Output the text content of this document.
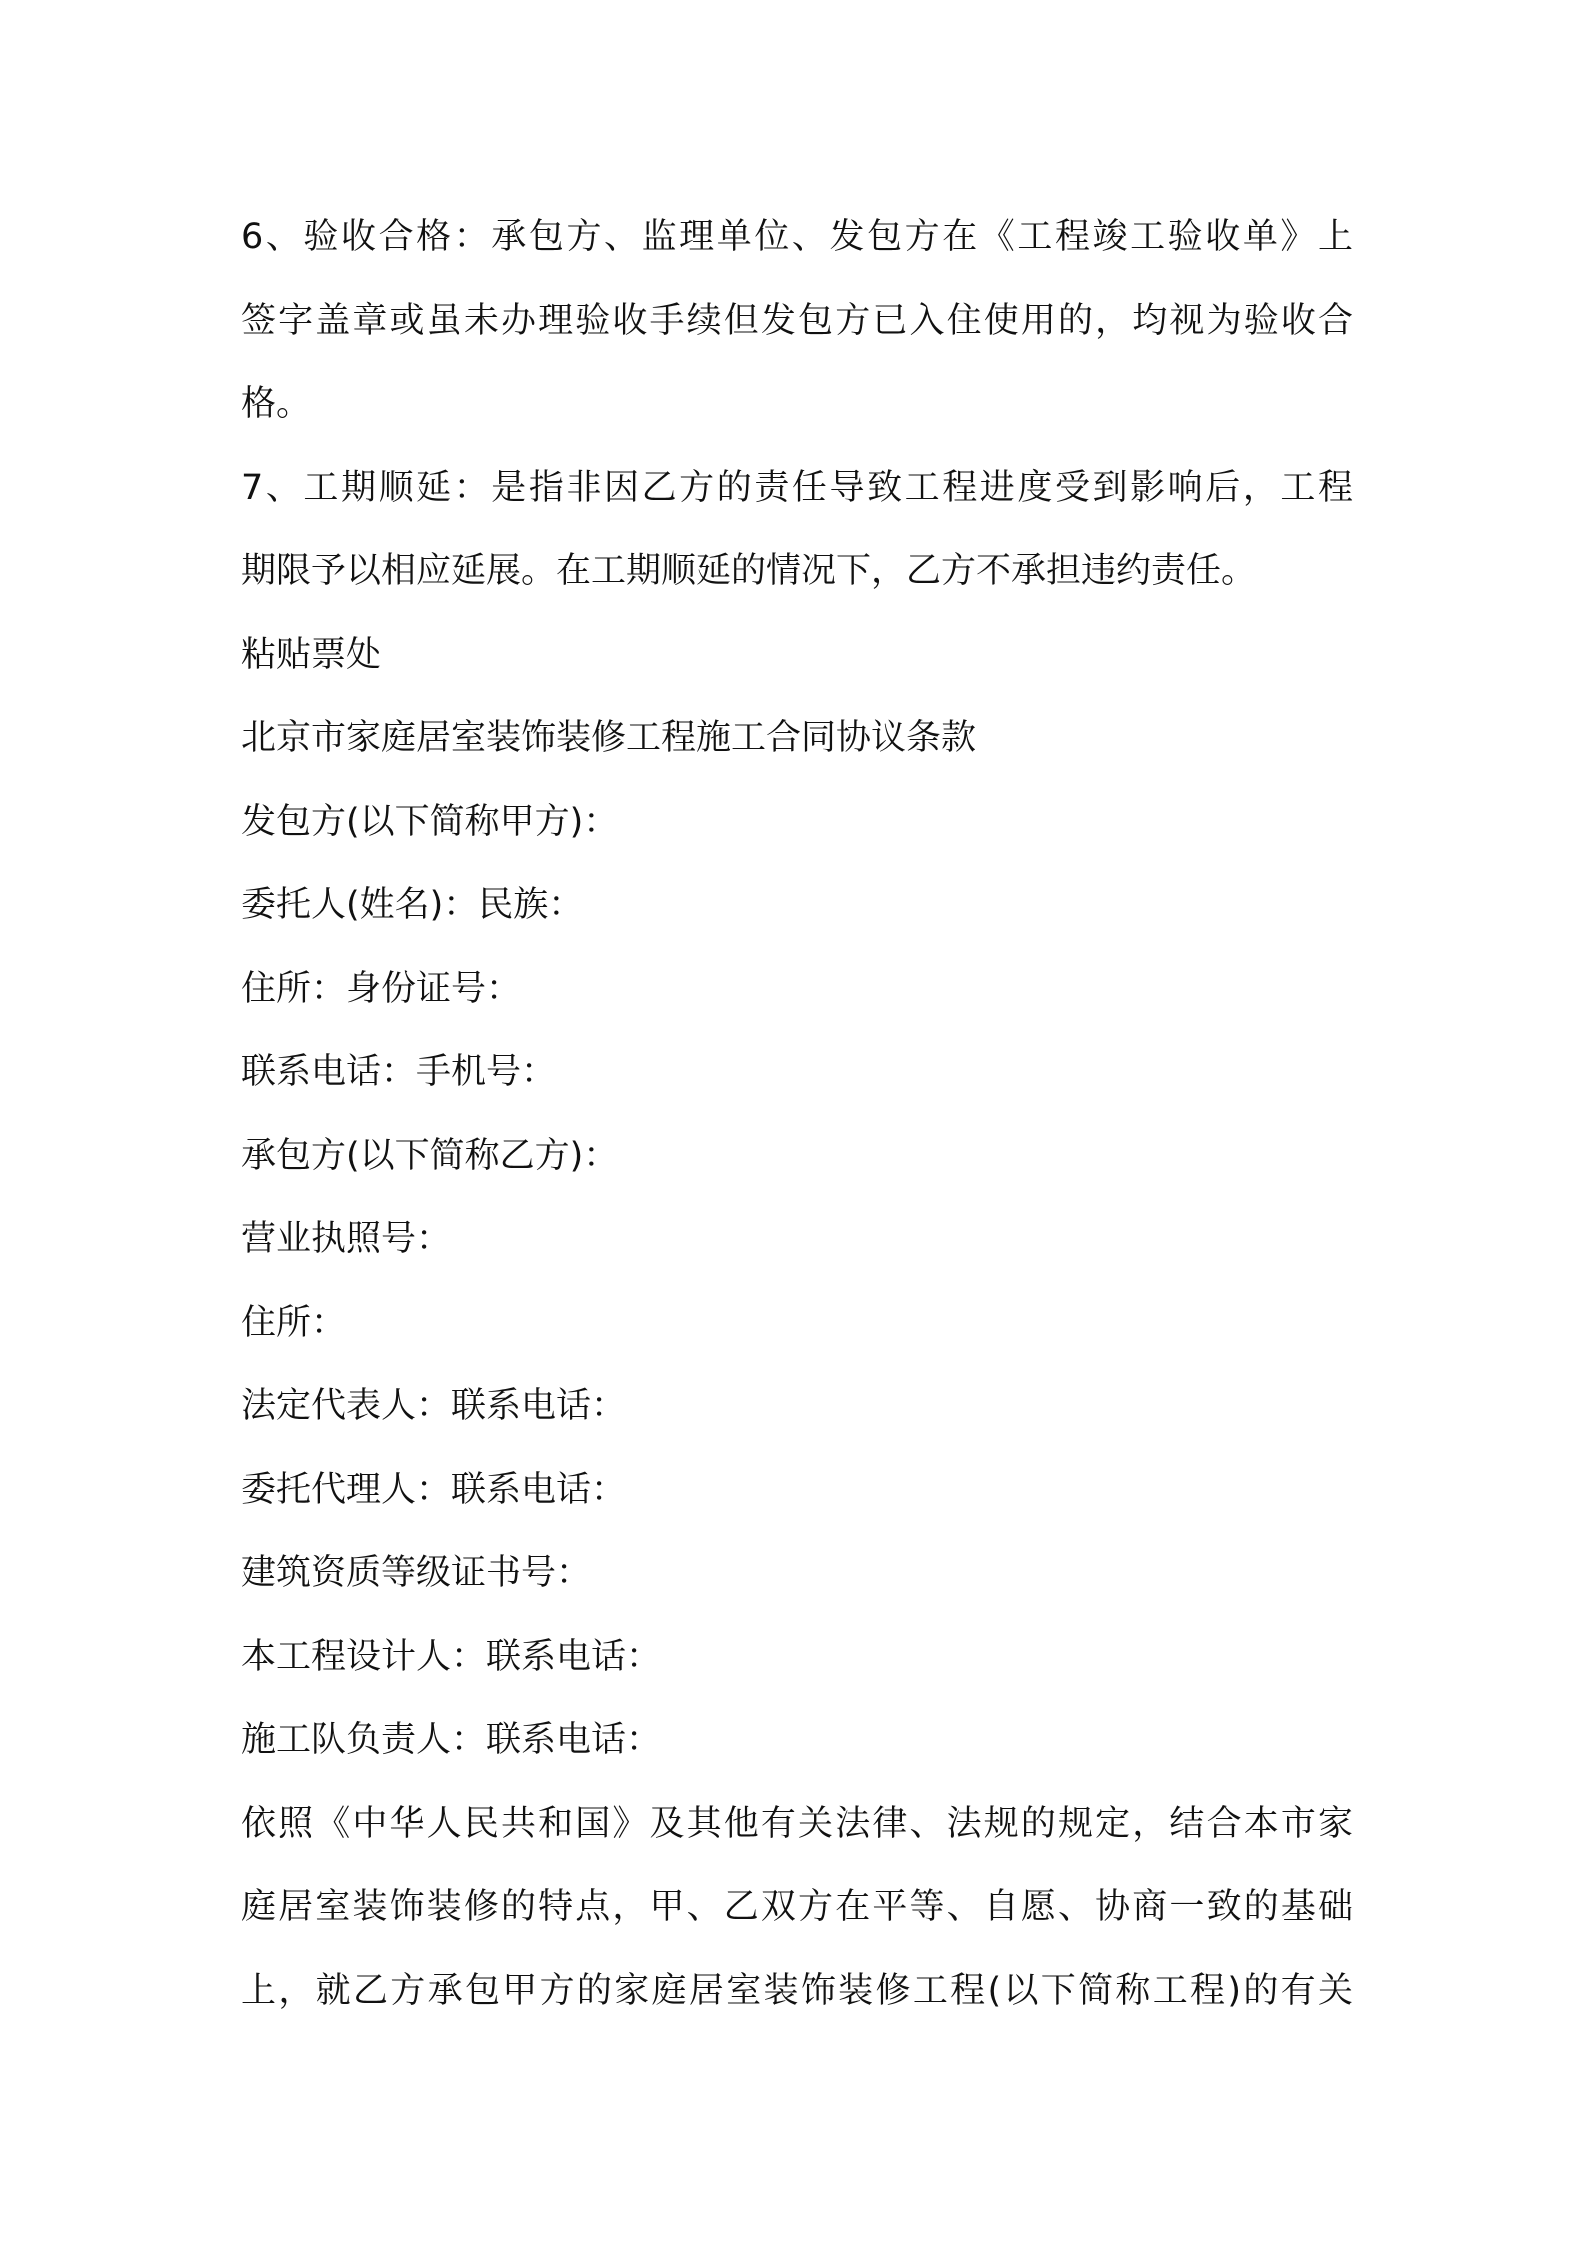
6、验收合格：承包方、监理单位、发包方在《工程竣工验收单》上
签字盖章或虽未办理验收手续但发包方已入住使用的，均视为验收合
格。
7、工期顺延：是指非因乙方的责任导致工程进度受到影响后，工程
期限予以相应延展。在工期顺延的情况下，乙方不承担违约责任。
粘贴票处
北京市家庭居室装饰装修工程施工合同协议条款
发包方(以下简称甲方)：
委托人(姓名)：民族：
住所：身份证号：
联系电话：手机号：
承包方(以下简称乙方)：
营业执照号：
住所：
法定代表人：联系电话：
委托代理人：联系电话：
建筑资质等级证书号：
本工程设计人：联系电话：
施工队负责人：联系电话：
依照《中华人民共和国》及其他有关法律、法规的规定，结合本市家
庭居室装饰装修的特点，甲、乙双方在平等、自愿、协商一致的基础
上，就乙方承包甲方的家庭居室装饰装修工程(以下简称工程)的有关
